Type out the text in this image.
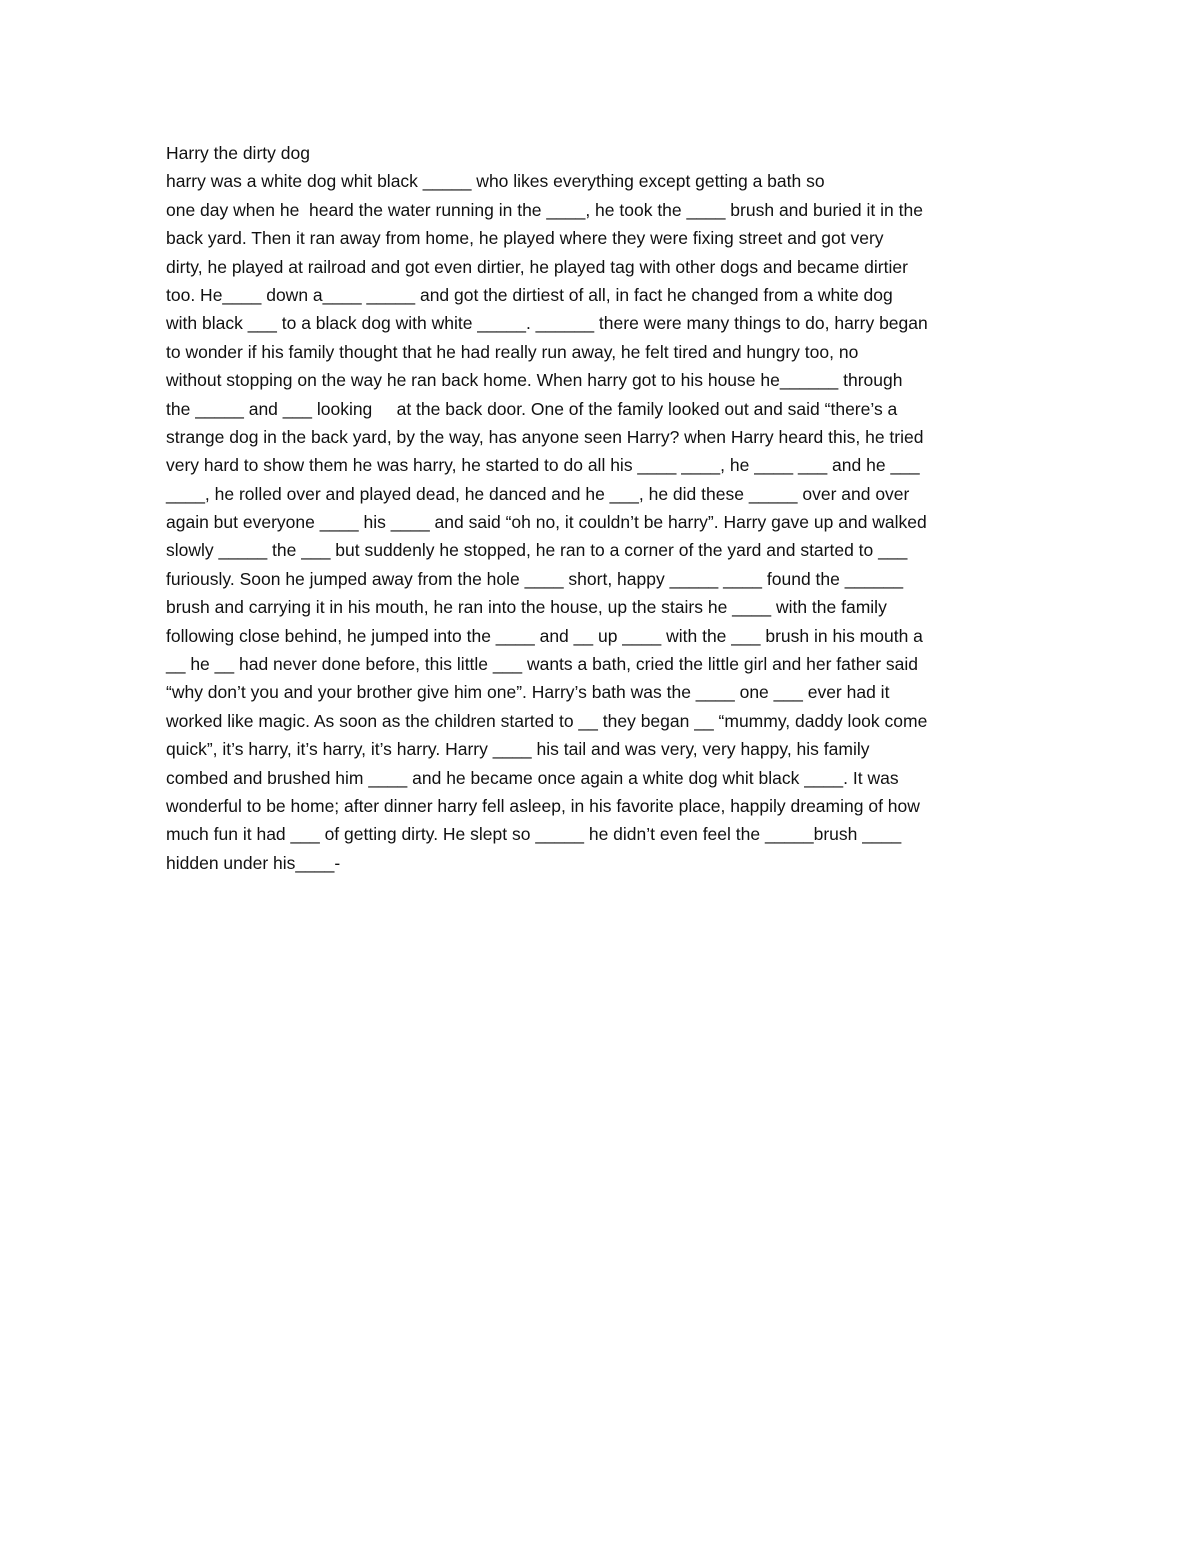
Harry the dirty dog
harry was a white dog whit black _____ who likes everything except getting a bath so
one day when he  heard the water running in the ____, he took the ____ brush and buried it in the
back yard. Then it ran away from home, he played where they were fixing street and got very
dirty, he played at railroad and got even dirtier, he played tag with other dogs and became dirtier
too. He____ down a____ _____ and got the dirtiest of all, in fact he changed from a white dog
with black ___ to a black dog with white _____. ______ there were many things to do, harry began
to wonder if his family thought that he had really run away, he felt tired and hungry too, no
without stopping on the way he ran back home. When harry got to his house he______ through
the _____ and ___ looking     at the back door. One of the family looked out and said “there’s a
strange dog in the back yard, by the way, has anyone seen Harry? when Harry heard this, he tried
very hard to show them he was harry, he started to do all his ____ ____, he ____ ___ and he ___
____, he rolled over and played dead, he danced and he ___, he did these _____ over and over
again but everyone ____ his ____ and said “oh no, it couldn’t be harry”. Harry gave up and walked
slowly _____ the ___ but suddenly he stopped, he ran to a corner of the yard and started to ___
furiously. Soon he jumped away from the hole ____ short, happy _____ ____ found the ______
brush and carrying it in his mouth, he ran into the house, up the stairs he ____ with the family
following close behind, he jumped into the ____ and __ up ____ with the ___ brush in his mouth a
__ he __ had never done before, this little ___ wants a bath, cried the little girl and her father said
“why don’t you and your brother give him one”. Harry’s bath was the ____ one ___ ever had it
worked like magic. As soon as the children started to __ they began __ “mummy, daddy look come
quick”, it’s harry, it’s harry, it’s harry. Harry ____ his tail and was very, very happy, his family
combed and brushed him ____ and he became once again a white dog whit black ____. It was
wonderful to be home; after dinner harry fell asleep, in his favorite place, happily dreaming of how
much fun it had ___ of getting dirty. He slept so _____ he didn’t even feel the _____brush ____
hidden under his____-
